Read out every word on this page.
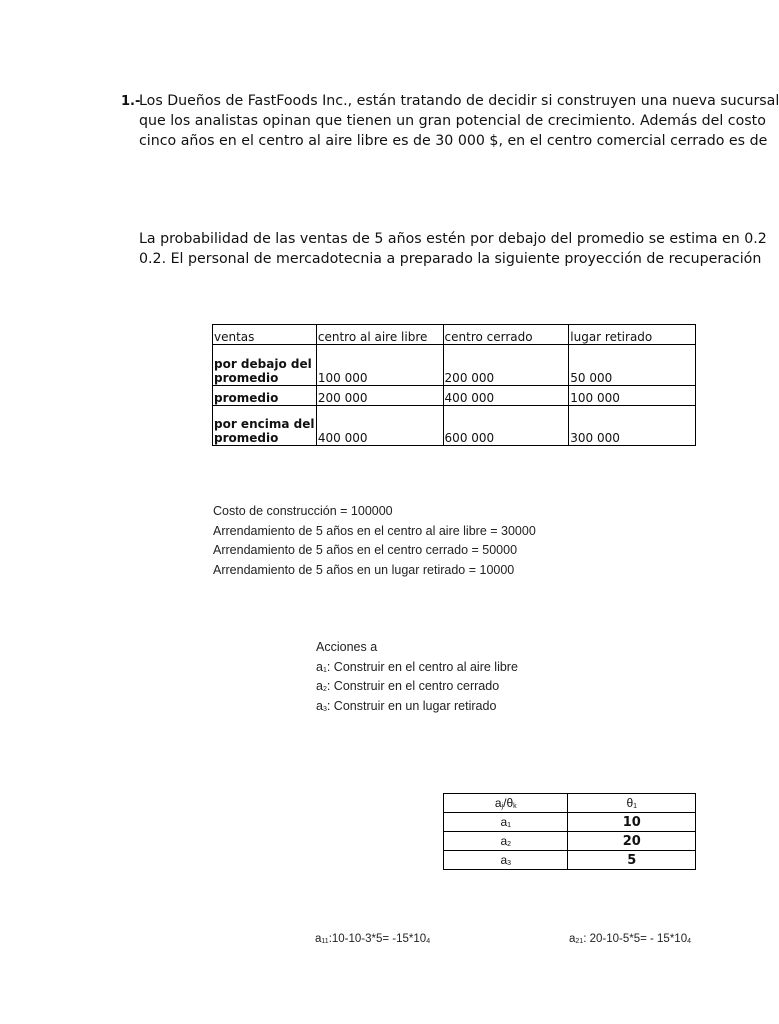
1.-
Los Dueños de FastFoods Inc., están tratando de decidir si construyen una nueva sucursal
que los analistas opinan que tienen un gran potencial de crecimiento. Además del costo
cinco años en el centro al aire libre es de 30 000 $, en el centro comercial cerrado es de
La probabilidad de las ventas de 5 años estén por debajo del promedio se estima en 0.2
0.2. El personal de mercadotecnia a preparado la siguiente proyección de recuperación
ventas	centro al aire libre	centro cerrado	lugar retirado
por debajo del
promedio	100 000	200 000	50 000
promedio	200 000	400 000	100 000
por encima del
promedio	400 000	600 000	300 000
Costo de construcción = 100000
Arrendamiento de 5 años en el centro al aire libre = 30000
Arrendamiento de 5 años en el centro cerrado = 50000
Arrendamiento de 5 años en un lugar retirado = 10000
Acciones a
$a_1$: Construir en el centro al aire libre
$a_2$: Construir en el centro cerrado
$a_3$: Construir en un lugar retirado
$a_j/\theta_k$	$\theta_1$
$a_1$	10
$a_2$	20
$a_3$	5
$a_{11}:10-10-3*5= -15*10_4$	$a_{21}$: $20-10-5*5= - 15*10_4$
